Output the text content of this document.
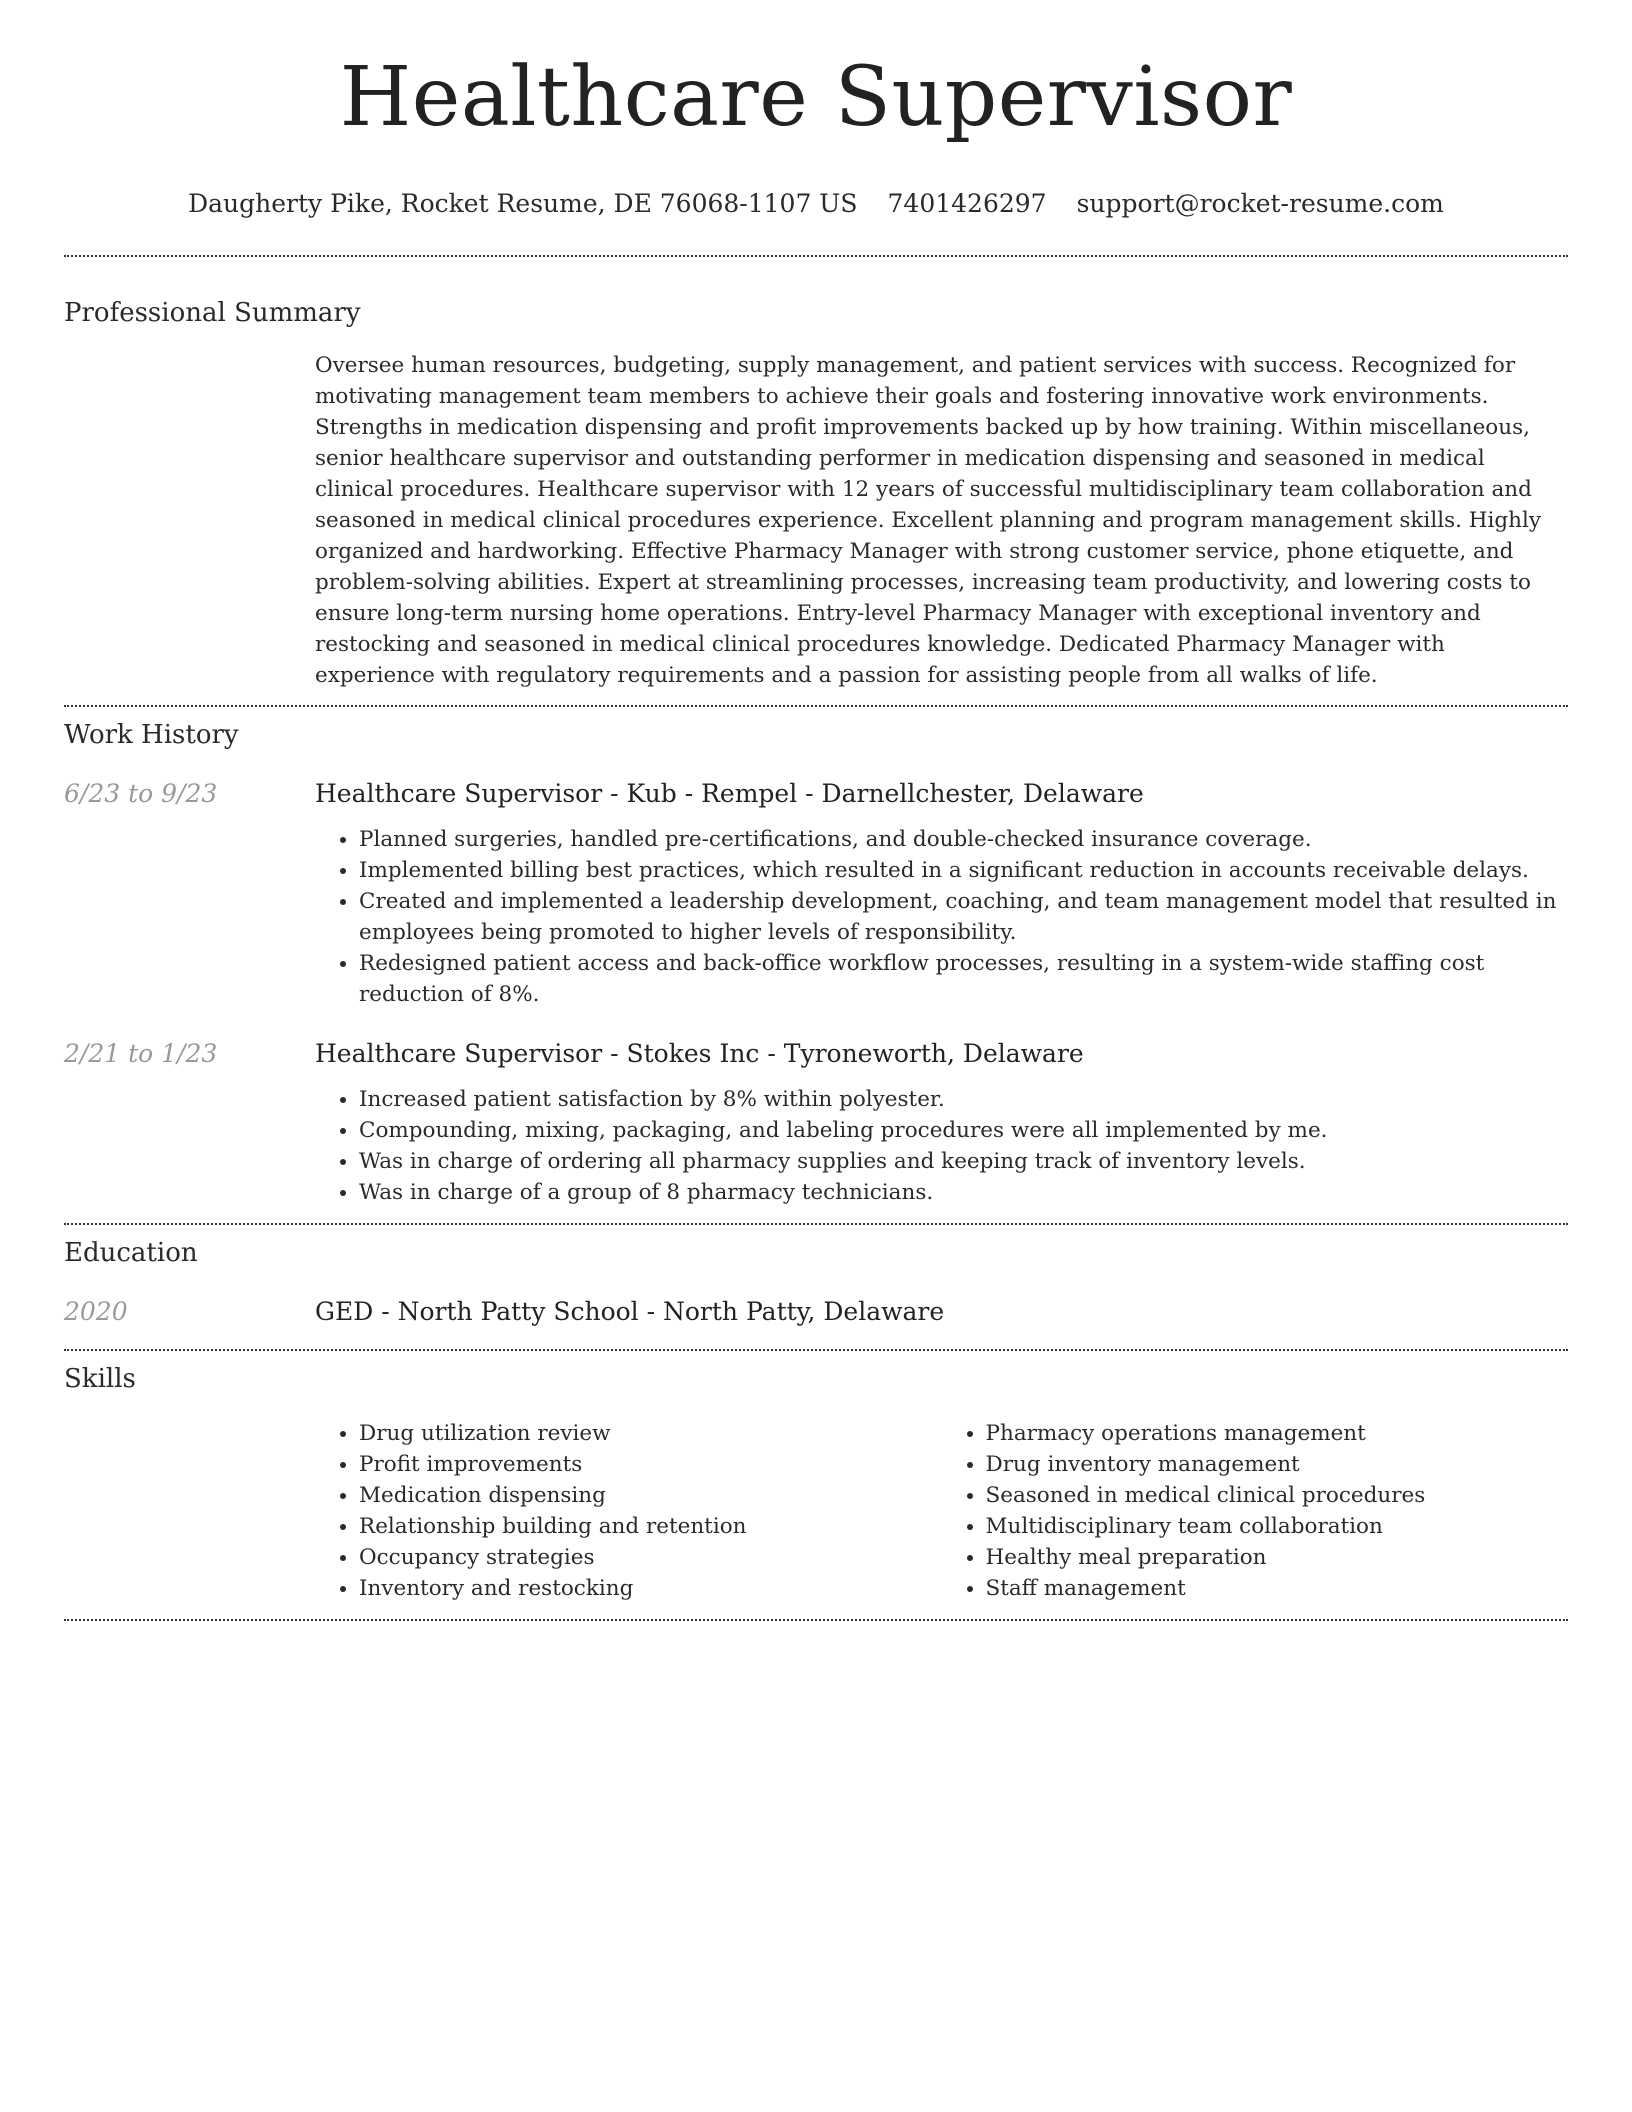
Healthcare Supervisor
Daugherty Pike, Rocket Resume, DE 76068-1107 US 7401426297 support@rocket-resume.com
Professional Summary
Oversee human resources, budgeting, supply management, and patient services with success. Recognized for motivating management team members to achieve their goals and fostering innovative work environments. Strengths in medication dispensing and profit improvements backed up by how training. Within miscellaneous, senior healthcare supervisor and outstanding performer in medication dispensing and seasoned in medical clinical procedures. Healthcare supervisor with 12 years of successful multidisciplinary team collaboration and seasoned in medical clinical procedures experience. Excellent planning and program management skills. Highly organized and hardworking. Effective Pharmacy Manager with strong customer service, phone etiquette, and problem-solving abilities. Expert at streamlining processes, increasing team productivity, and lowering costs to ensure long-term nursing home operations. Entry-level Pharmacy Manager with exceptional inventory and restocking and seasoned in medical clinical procedures knowledge. Dedicated Pharmacy Manager with experience with regulatory requirements and a passion for assisting people from all walks of life.
Work History
6/23 to 9/23	Healthcare Supervisor - Kub - Rempel - Darnellchester, Delaware
• Planned surgeries, handled pre-certifications, and double-checked insurance coverage.
• Implemented billing best practices, which resulted in a significant reduction in accounts receivable delays.
• Created and implemented a leadership development, coaching, and team management model that resulted in employees being promoted to higher levels of responsibility.
• Redesigned patient access and back-office workflow processes, resulting in a system-wide staffing cost reduction of 8%.
2/21 to 1/23	Healthcare Supervisor - Stokes Inc - Tyroneworth, Delaware
• Increased patient satisfaction by 8% within polyester.
• Compounding, mixing, packaging, and labeling procedures were all implemented by me.
• Was in charge of ordering all pharmacy supplies and keeping track of inventory levels.
• Was in charge of a group of 8 pharmacy technicians.
Education
2020	GED - North Patty School - North Patty, Delaware
Skills
• Drug utilization review
• Profit improvements
• Medication dispensing
• Relationship building and retention
• Occupancy strategies
• Inventory and restocking
• Pharmacy operations management
• Drug inventory management
• Seasoned in medical clinical procedures
• Multidisciplinary team collaboration
• Healthy meal preparation
• Staff management
